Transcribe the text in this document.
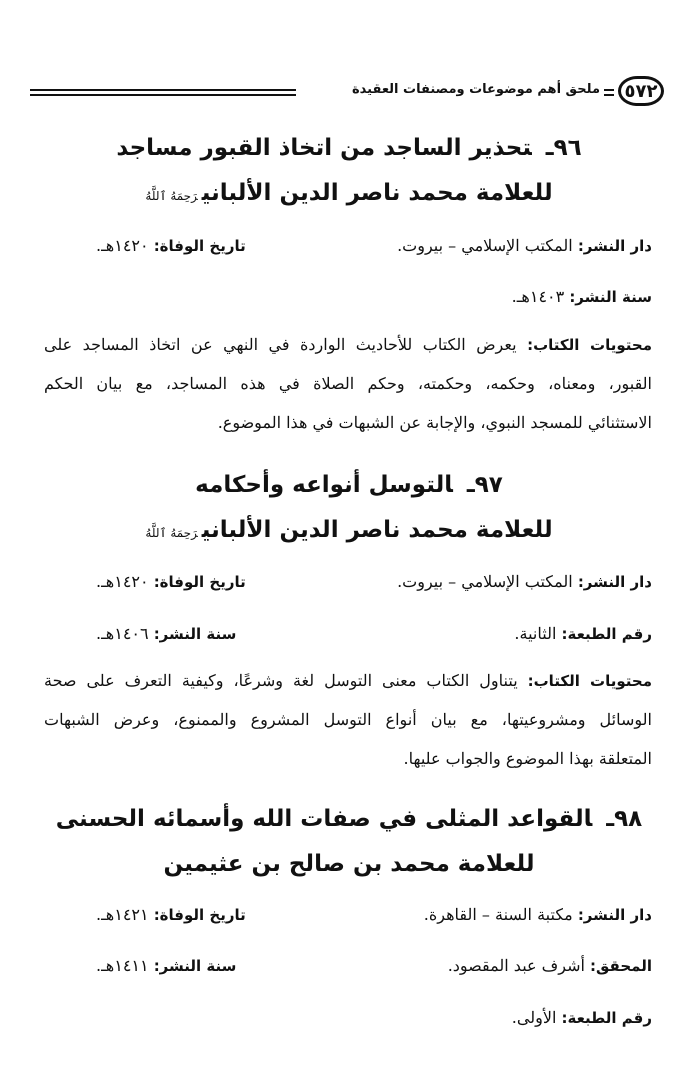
٥٧٢
ملحق أهم موضوعات ومصنفات العقيدة
٩٦ـتحذير الساجد من اتخاذ القبور مساجد
للعلامة محمد ناصر الدين الألبانيرَحِمَهُ ٱللَّهُ
دار النشر: المكتب الإسلامي – بيروت.
تاريخ الوفاة: ١٤٢٠هـ.
سنة النشر: ١٤٠٣هـ.
محتويات الكتاب: يعرض الكتاب للأحاديث الواردة في النهي عن اتخاذ المساجد على
القبور، ومعناه، وحكمه، وحكمته، وحكم الصلاة في هذه المساجد، مع بيان الحكم
الاستثنائي للمسجد النبوي، والإجابة عن الشبهات في هذا الموضوع.
٩٧ـالتوسل أنواعه وأحكامه
للعلامة محمد ناصر الدين الألبانيرَحِمَهُ ٱللَّهُ
دار النشر: المكتب الإسلامي – بيروت.
تاريخ الوفاة: ١٤٢٠هـ.
رقم الطبعة: الثانية.
سنة النشر: ١٤٠٦هـ.
محتويات الكتاب: يتناول الكتاب معنى التوسل لغة وشرعًا، وكيفية التعرف على صحة
الوسائل ومشروعيتها، مع بيان أنواع التوسل المشروع والممنوع، وعرض الشبهات
المتعلقة بهذا الموضوع والجواب عليها.
٩٨ـالقواعد المثلى في صفات الله وأسمائه الحسنى
للعلامة محمد بن صالح بن عثيمين
دار النشر: مكتبة السنة – القاهرة.
تاريخ الوفاة: ١٤٢١هـ.
المحقق: أشرف عبد المقصود.
سنة النشر: ١٤١١هـ.
رقم الطبعة: الأولى.
